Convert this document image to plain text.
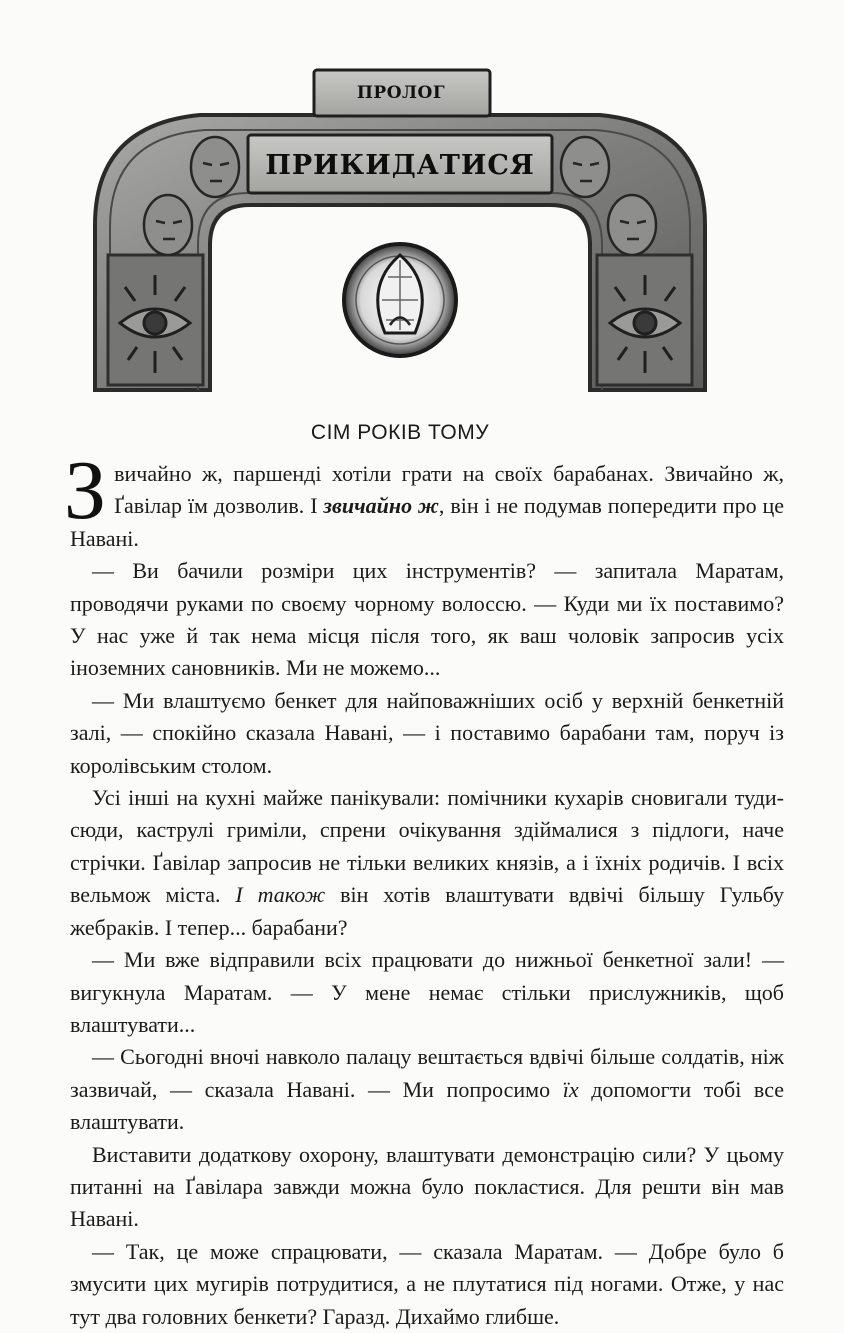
ПРОЛОГ
ПРИКИДАТИСЯ
СІМ РОКІВ ТОМУ

Звичайно ж, паршенді хотіли грати на своїх барабанах. Звичайно ж, Ґавілар їм дозволив. І звичайно ж, він і не подумав попередити про це Навані.

— Ви бачили розміри цих інструментів? — запитала Маратам, проводячи руками по своєму чорному волоссю. — Куди ми їх поставимо? У нас уже й так нема місця після того, як ваш чоловік запросив усіх іноземних сановників. Ми не можемо...

— Ми влаштуємо бенкет для найповажніших осіб у верхній бенкетній залі, — спокійно сказала Навані, — і поставимо барабани там, поруч із королівським столом.

Усі інші на кухні майже панікували: помічники кухарів сновигали туди-сюди, каструлі гриміли, спрени очікування здіймалися з підлоги, наче стрічки. Ґавілар запросив не тільки великих князів, а і їхніх родичів. І всіх вельмож міста. І також він хотів влаштувати вдвічі більшу Гульбу жебраків. І тепер... барабани?

— Ми вже відправили всіх працювати до нижньої бенкетної зали! — вигукнула Маратам. — У мене немає стільки прислужників, щоб влаштувати...

— Сьогодні вночі навколо палацу вештається вдвічі більше солдатів, ніж зазвичай, — сказала Навані. — Ми попросимо їх допомогти тобі все влаштувати.

Виставити додаткову охорону, влаштувати демонстрацію сили? У цьому питанні на Ґавілара завжди можна було покластися. Для решти він мав Навані.

— Так, це може спрацювати, — сказала Маратам. — Добре було б змусити цих мугирів потрудитися, а не плутатися під ногами. Отже, у нас тут два головних бенкети? Гаразд. Дихаймо глибше.
